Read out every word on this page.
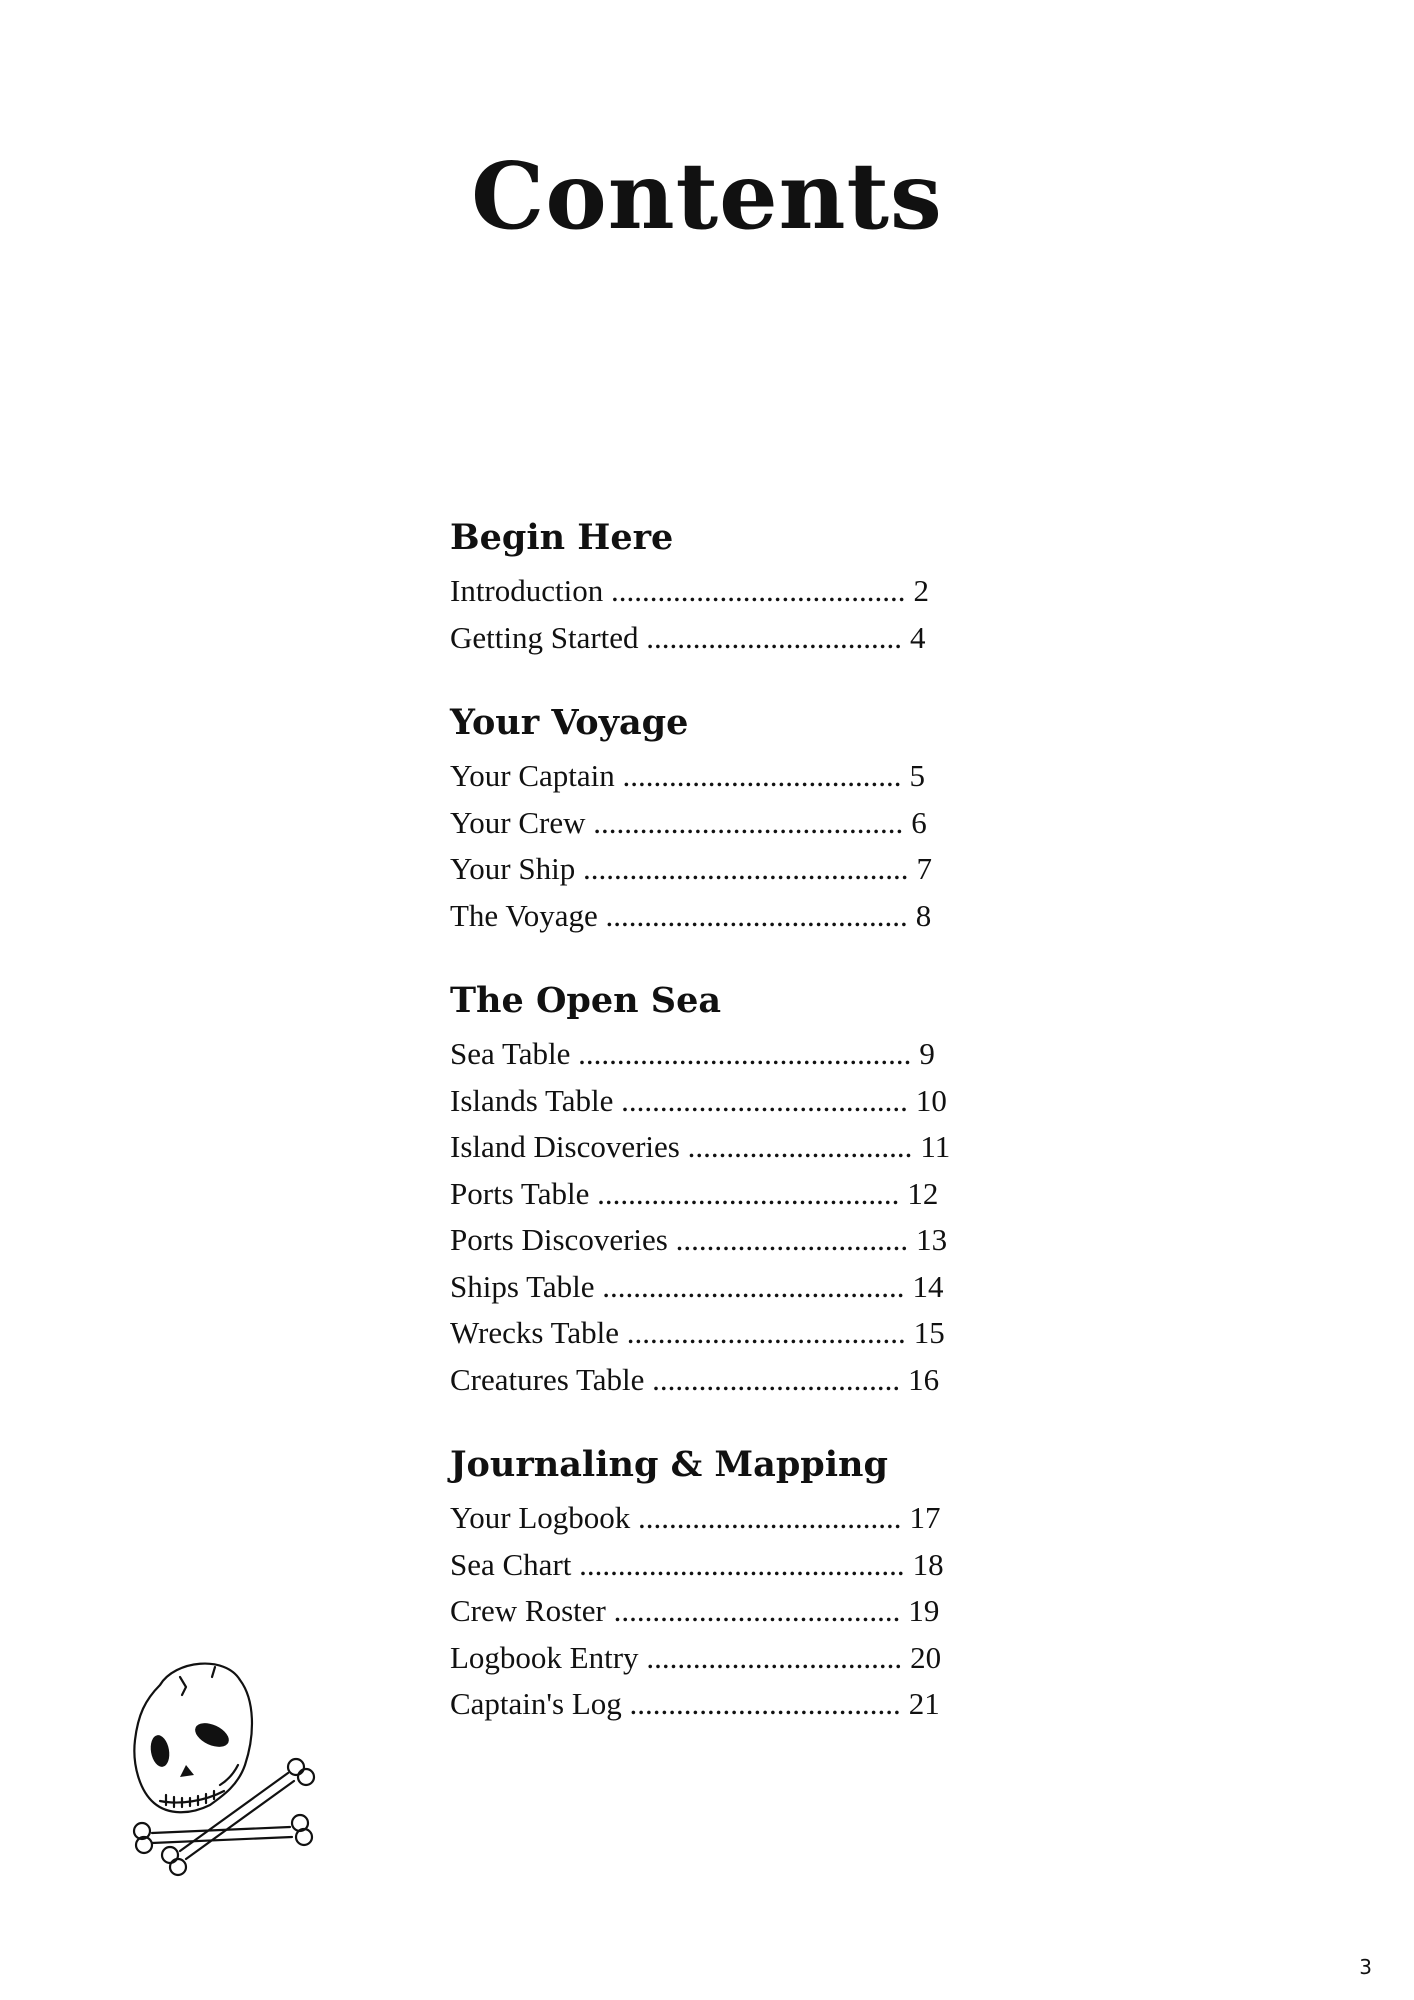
Contents
Begin Here
Introduction ...................................... 2
Getting Started ................................. 4
Your Voyage
Your Captain .................................... 5
Your Crew ........................................ 6
Your Ship .......................................... 7
The Voyage ....................................... 8
The Open Sea
Sea Table ........................................... 9
Islands Table ..................................... 10
Island Discoveries ............................. 11
Ports Table ....................................... 12
Ports Discoveries .............................. 13
Ships Table ....................................... 14
Wrecks Table .................................... 15
Creatures Table ................................ 16
Journaling & Mapping
Your Logbook .................................. 17
Sea Chart .......................................... 18
Crew Roster ..................................... 19
Logbook Entry ................................. 20
Captain's Log ................................... 21
3
